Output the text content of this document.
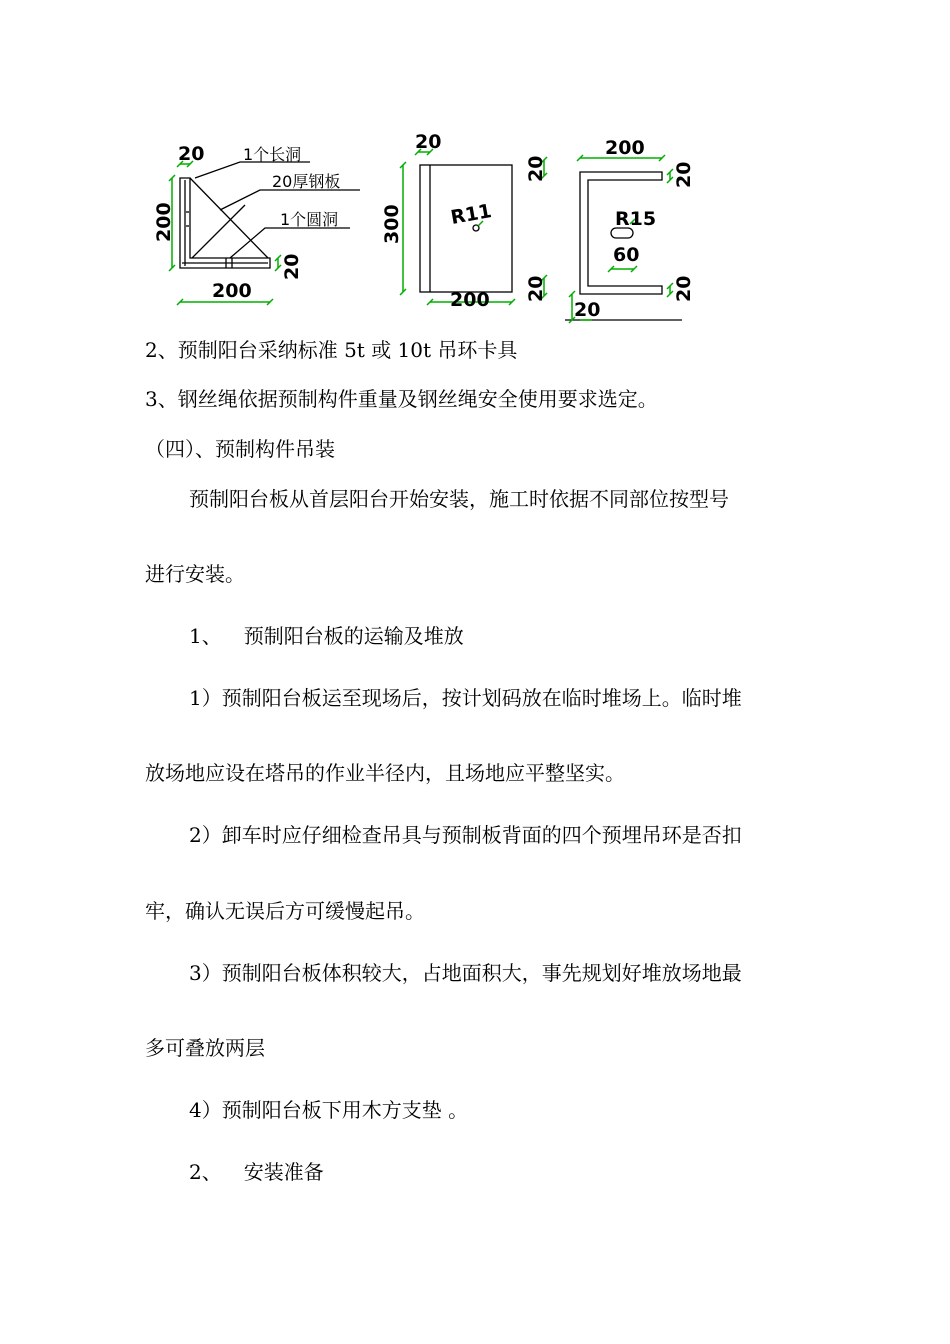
20
200
200
20
1个长洞
20厚钢板
1个圆洞
20
300
200
20
20
R11
200
20
20
20
R15
60
2、预制阳台采纳标准 5t 或 10t 吊环卡具
3、钢丝绳依据预制构件重量及钢丝绳安全使用要求选定。
（四）、预制构件吊装
预制阳台板从首层阳台开始安装，施工时依据不同部位按型号
进行安装。
1、 预制阳台板的运输及堆放
1）预制阳台板运至现场后，按计划码放在临时堆场上。临时堆
放场地应设在塔吊的作业半径内，且场地应平整坚实。
2）卸车时应仔细检查吊具与预制板背面的四个预埋吊环是否扣
牢，确认无误后方可缓慢起吊。
3）预制阳台板体积较大，占地面积大，事先规划好堆放场地最
多可叠放两层
4）预制阳台板下用木方支垫 。
2、 安装准备
